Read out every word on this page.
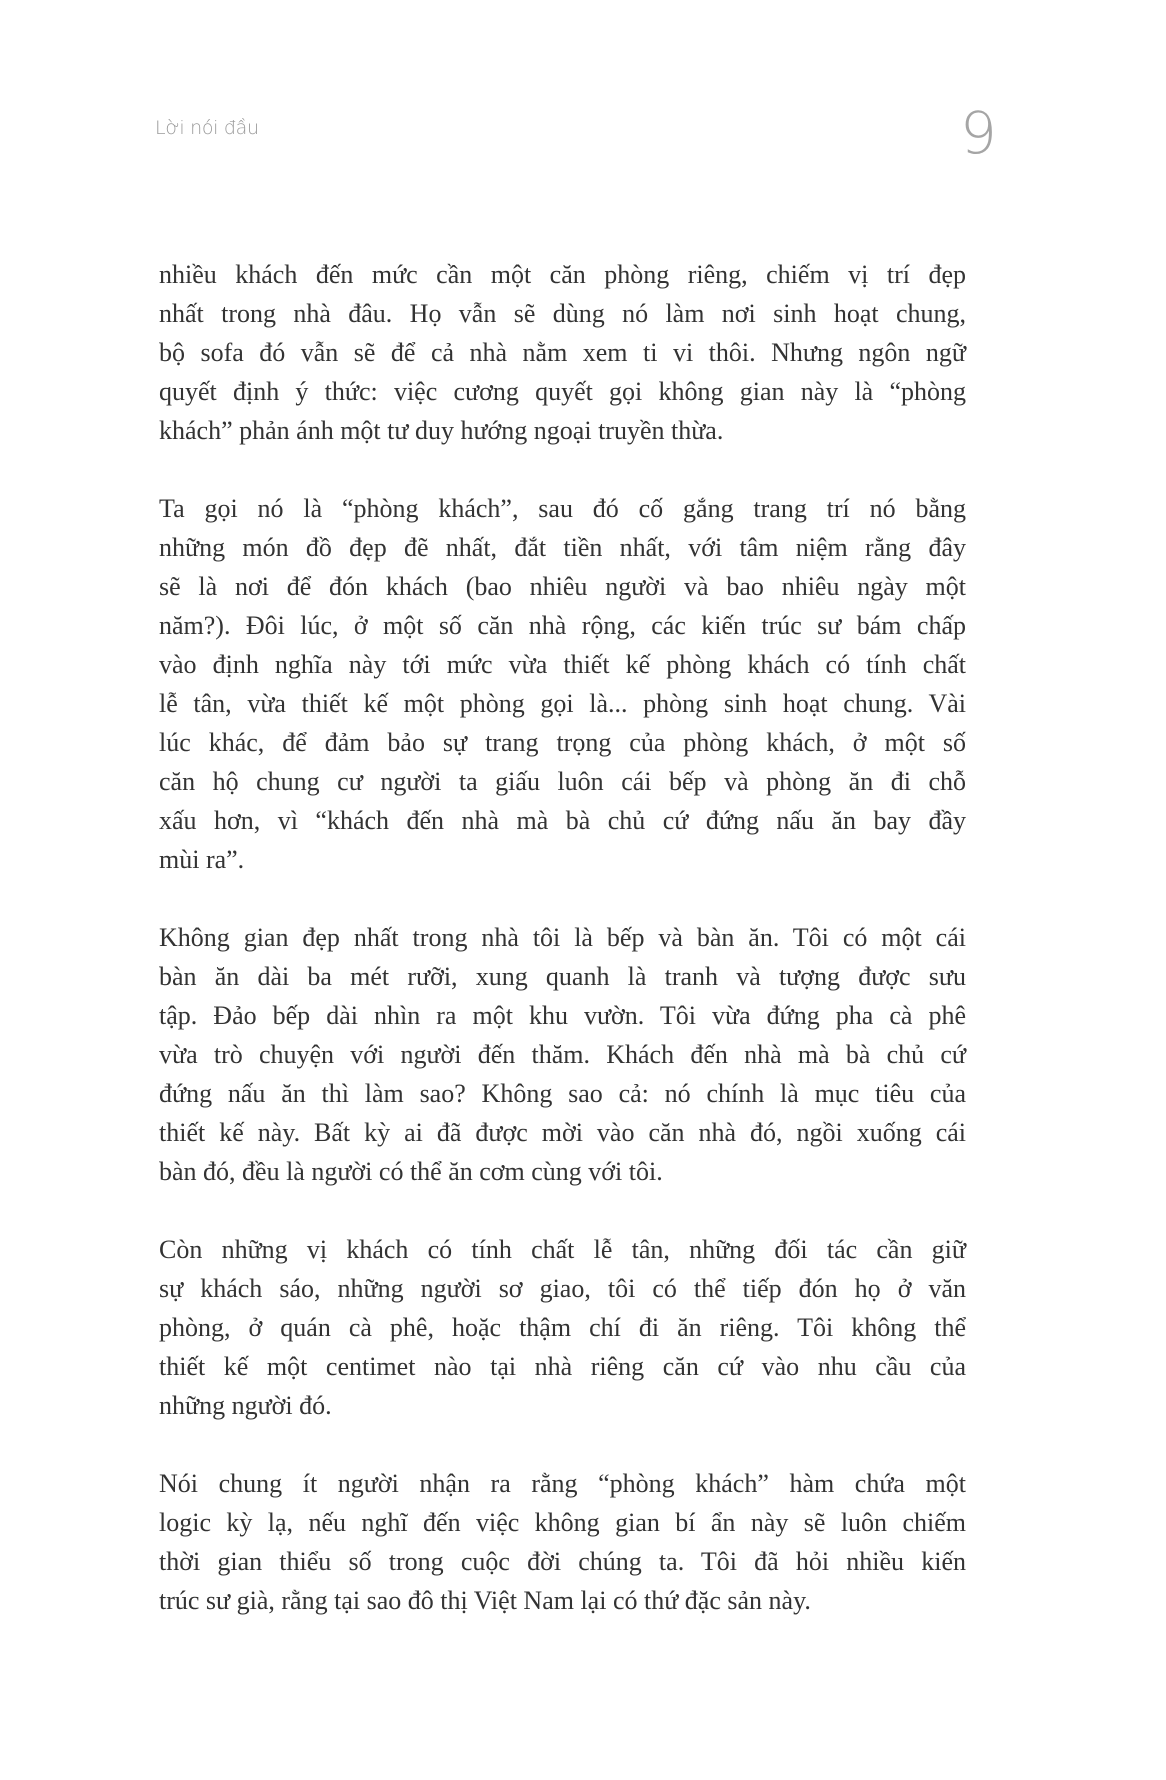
Lời nói đầu	9
nhiều khách đến mức cần một căn phòng riêng, chiếm vị trí đẹp
nhất trong nhà đâu. Họ vẫn sẽ dùng nó làm nơi sinh hoạt chung,
bộ sofa đó vẫn sẽ để cả nhà nằm xem ti vi thôi. Nhưng ngôn ngữ
quyết định ý thức: việc cương quyết gọi không gian này là “phòng
khách” phản ánh một tư duy hướng ngoại truyền thừa.
Ta gọi nó là “phòng khách”, sau đó cố gắng trang trí nó bằng
những món đồ đẹp đẽ nhất, đắt tiền nhất, với tâm niệm rằng đây
sẽ là nơi để đón khách (bao nhiêu người và bao nhiêu ngày một
năm?). Đôi lúc, ở một số căn nhà rộng, các kiến trúc sư bám chấp
vào định nghĩa này tới mức vừa thiết kế phòng khách có tính chất
lễ tân, vừa thiết kế một phòng gọi là... phòng sinh hoạt chung. Vài
lúc khác, để đảm bảo sự trang trọng của phòng khách, ở một số
căn hộ chung cư người ta giấu luôn cái bếp và phòng ăn đi chỗ
xấu hơn, vì “khách đến nhà mà bà chủ cứ đứng nấu ăn bay đầy
mùi ra”.
Không gian đẹp nhất trong nhà tôi là bếp và bàn ăn. Tôi có một cái
bàn ăn dài ba mét rưỡi, xung quanh là tranh và tượng được sưu
tập. Đảo bếp dài nhìn ra một khu vườn. Tôi vừa đứng pha cà phê
vừa trò chuyện với người đến thăm. Khách đến nhà mà bà chủ cứ
đứng nấu ăn thì làm sao? Không sao cả: nó chính là mục tiêu của
thiết kế này. Bất kỳ ai đã được mời vào căn nhà đó, ngồi xuống cái
bàn đó, đều là người có thể ăn cơm cùng với tôi.
Còn những vị khách có tính chất lễ tân, những đối tác cần giữ
sự khách sáo, những người sơ giao, tôi có thể tiếp đón họ ở văn
phòng, ở quán cà phê, hoặc thậm chí đi ăn riêng. Tôi không thể
thiết kế một centimet nào tại nhà riêng căn cứ vào nhu cầu của
những người đó.
Nói chung ít người nhận ra rằng “phòng khách” hàm chứa một
logic kỳ lạ, nếu nghĩ đến việc không gian bí ẩn này sẽ luôn chiếm
thời gian thiểu số trong cuộc đời chúng ta. Tôi đã hỏi nhiều kiến
trúc sư già, rằng tại sao đô thị Việt Nam lại có thứ đặc sản này.
